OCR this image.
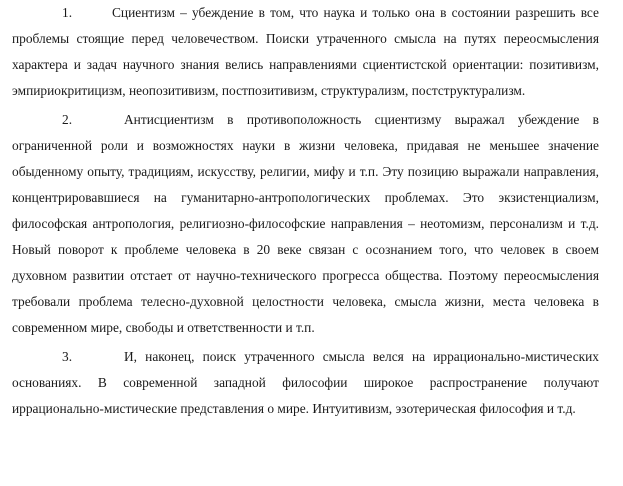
1.	Сциентизм – убеждение в том, что наука и только она в состоянии разрешить все проблемы стоящие перед человечеством. Поиски утраченного смысла на путях переосмысления характера и задач научного знания велись направлениями сциентистской ориентации: позитивизм, эмпириокритицизм, неопозитивизм, постпозитивизм, структурализм, постструктурализм.

2.	Антисциентизм в противоположность сциентизму выражал убеждение в ограниченной роли и возможностях науки в жизни человека, придавая не меньшее значение обыденному опыту, традициям, искусству, религии, мифу и т.п. Эту позицию выражали направления, концентрировавшиеся на гуманитарно-антропологических проблемах. Это экзистенциализм, философская антропология, религиозно-философские направления – неотомизм, персонализм и т.д. Новый поворот к проблеме человека в 20 веке связан с осознанием того, что человек в своем духовном развитии отстает от научно-технического прогресса общества. Поэтому переосмысления требовали проблема телесно-духовной целостности человека, смысла жизни, места человека в современном мире, свободы и ответственности и т.п.

3.	И, наконец, поиск утраченного смысла велся на иррационально-мистических основаниях. В современной западной философии широкое распространение получают иррационально-мистические представления о мире. Интуитивизм, эзотерическая философия и т.д.
